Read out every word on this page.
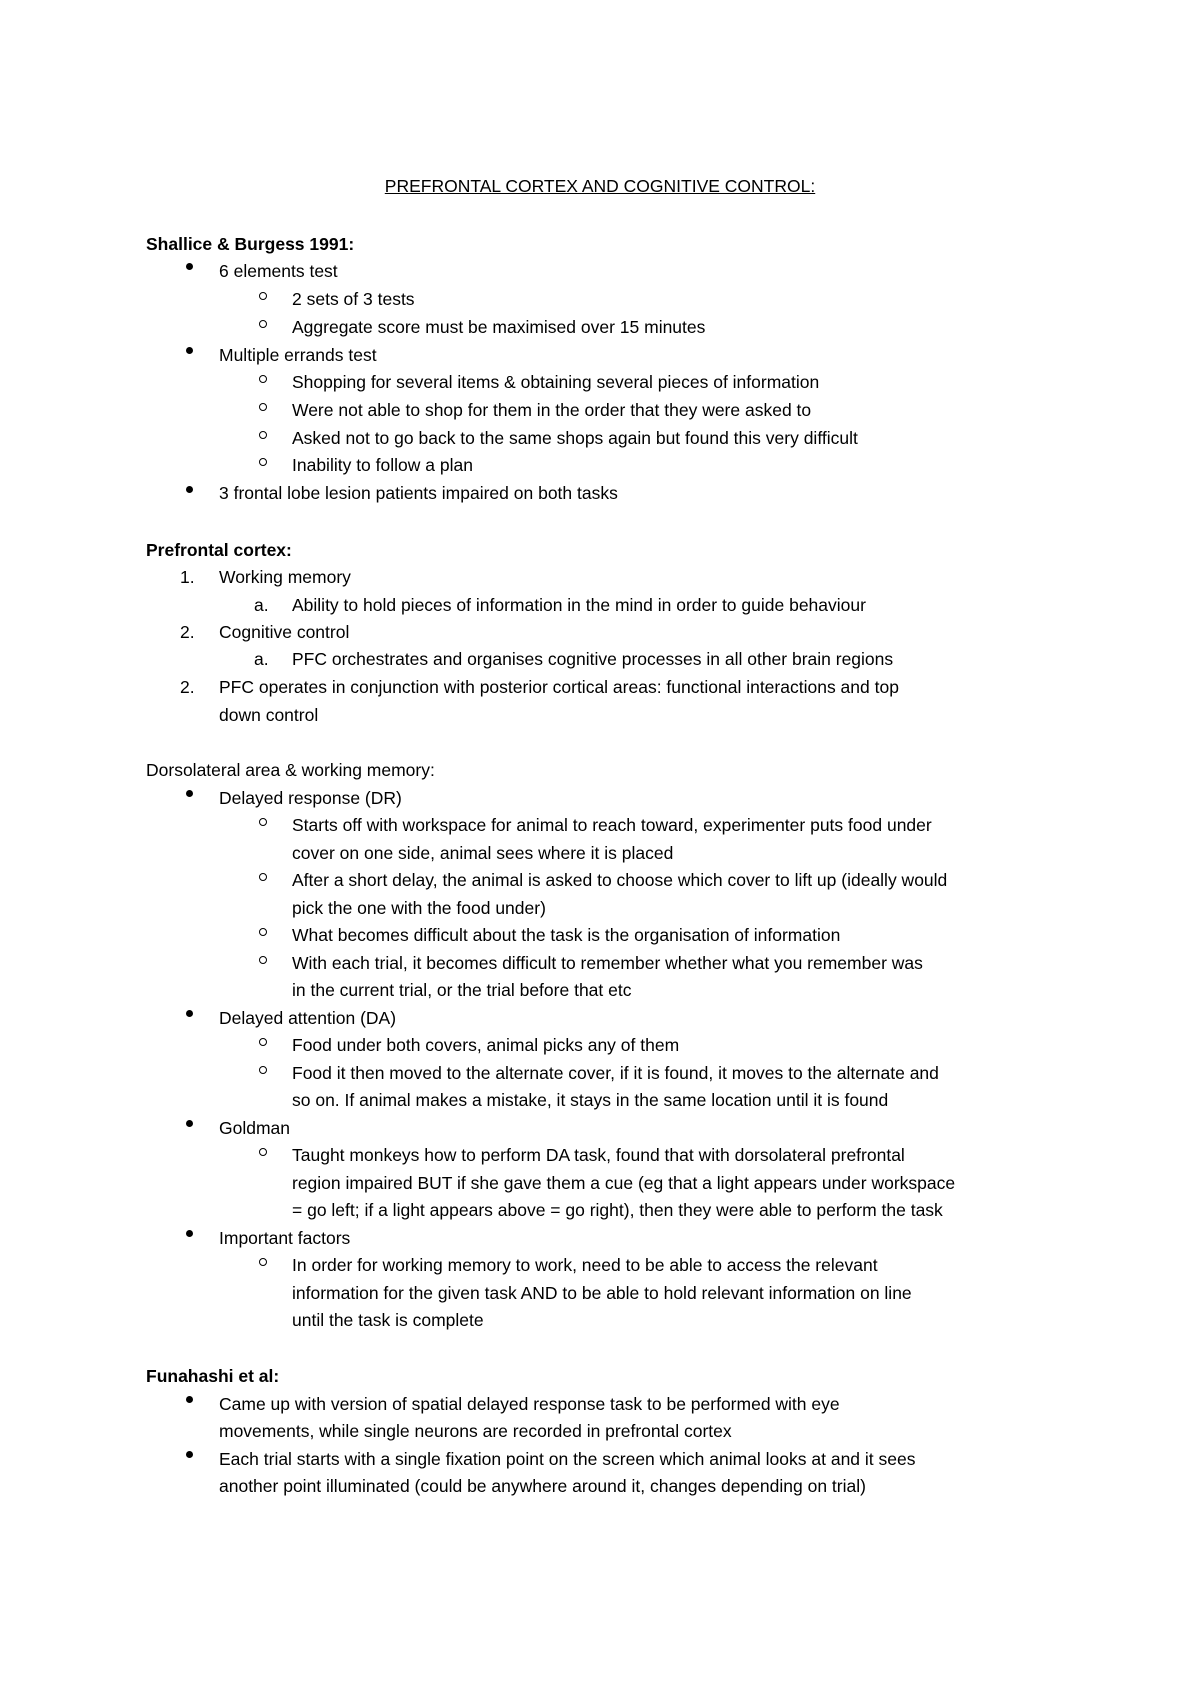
PREFRONTAL CORTEX AND COGNITIVE CONTROL:
Shallice & Burgess 1991:
6 elements test
2 sets of 3 tests
Aggregate score must be maximised over 15 minutes
Multiple errands test
Shopping for several items & obtaining several pieces of information
Were not able to shop for them in the order that they were asked to
Asked not to go back to the same shops again but found this very difficult
Inability to follow a plan
3 frontal lobe lesion patients impaired on both tasks
Prefrontal cortex:
1. Working memory
a. Ability to hold pieces of information in the mind in order to guide behaviour
2. Cognitive control
a. PFC orchestrates and organises cognitive processes in all other brain regions
2. PFC operates in conjunction with posterior cortical areas: functional interactions and top
down control
Dorsolateral area & working memory:
Delayed response (DR)
Starts off with workspace for animal to reach toward, experimenter puts food under
cover on one side, animal sees where it is placed
After a short delay, the animal is asked to choose which cover to lift up (ideally would
pick the one with the food under)
What becomes difficult about the task is the organisation of information
With each trial, it becomes difficult to remember whether what you remember was
in the current trial, or the trial before that etc
Delayed attention (DA)
Food under both covers, animal picks any of them
Food it then moved to the alternate cover, if it is found, it moves to the alternate and
so on. If animal makes a mistake, it stays in the same location until it is found
Goldman
Taught monkeys how to perform DA task, found that with dorsolateral prefrontal
region impaired BUT if she gave them a cue (eg that a light appears under workspace
= go left; if a light appears above = go right), then they were able to perform the task
Important factors
In order for working memory to work, need to be able to access the relevant
information for the given task AND to be able to hold relevant information on line
until the task is complete
Funahashi et al:
Came up with version of spatial delayed response task to be performed with eye
movements, while single neurons are recorded in prefrontal cortex
Each trial starts with a single fixation point on the screen which animal looks at and it sees
another point illuminated (could be anywhere around it, changes depending on trial)
